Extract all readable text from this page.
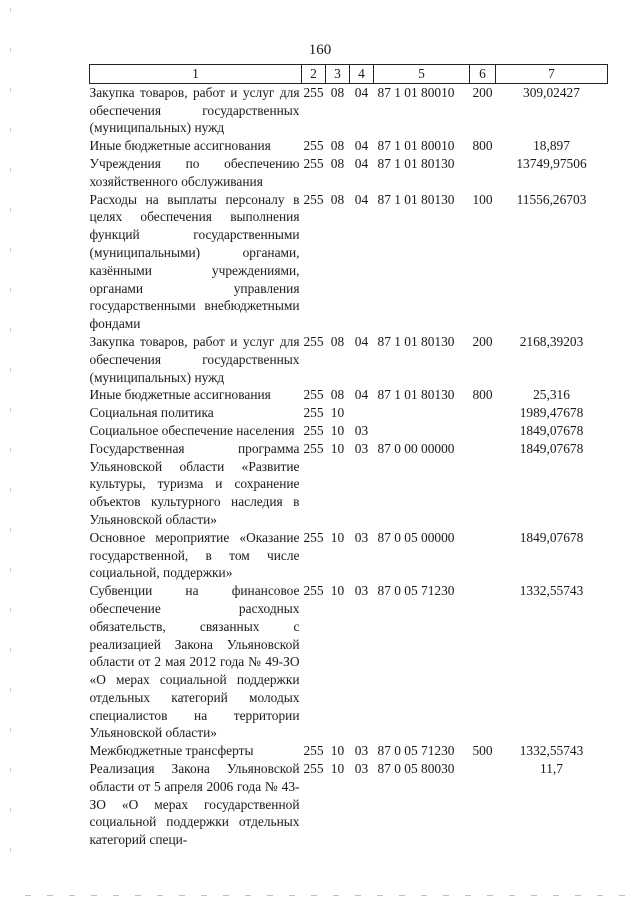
160
1	2	3	4	5	6	7
Закупка товаров, работ и услуг для обеспечения государственных (муниципальных) нужд	255	08	04	87 1 01 80010	200	309,02427
Иные бюджетные ассигнования	255	08	04	87 1 01 80010	800	18,897
Учреждения по обеспечению хозяйственного обслуживания	255	08	04	87 1 01 80130		13749,97506
Расходы на выплаты персоналу в целях обеспечения выполнения функций государственными (муниципальными) органами, казёнными учреждениями, органами управления государственными внебюджетными фондами	255	08	04	87 1 01 80130	100	11556,26703
Закупка товаров, работ и услуг для обеспечения государственных (муниципальных) нужд	255	08	04	87 1 01 80130	200	2168,39203
Иные бюджетные ассигнования	255	08	04	87 1 01 80130	800	25,316
Социальная политика	255	10				1989,47678
Социальное обеспечение населения	255	10	03			1849,07678
Государственная программа Ульяновской области «Развитие культуры, туризма и сохранение объектов культурного наследия в Ульяновской области»	255	10	03	87 0 00 00000		1849,07678
Основное мероприятие «Оказание государственной, в том числе социальной, поддержки»	255	10	03	87 0 05 00000		1849,07678
Субвенции на финансовое обеспечение расходных обязательств, связанных с реализацией Закона Ульяновской области от 2 мая 2012 года № 49-ЗО «О мерах социальной поддержки отдельных категорий молодых специалистов на территории Ульяновской области»	255	10	03	87 0 05 71230		1332,55743
Межбюджетные трансферты	255	10	03	87 0 05 71230	500	1332,55743
Реализация Закона Ульяновской области от 5 апреля 2006 года № 43-ЗО «О мерах государственной социальной поддержки отдельных категорий специ-	255	10	03	87 0 05 80030		11,7
